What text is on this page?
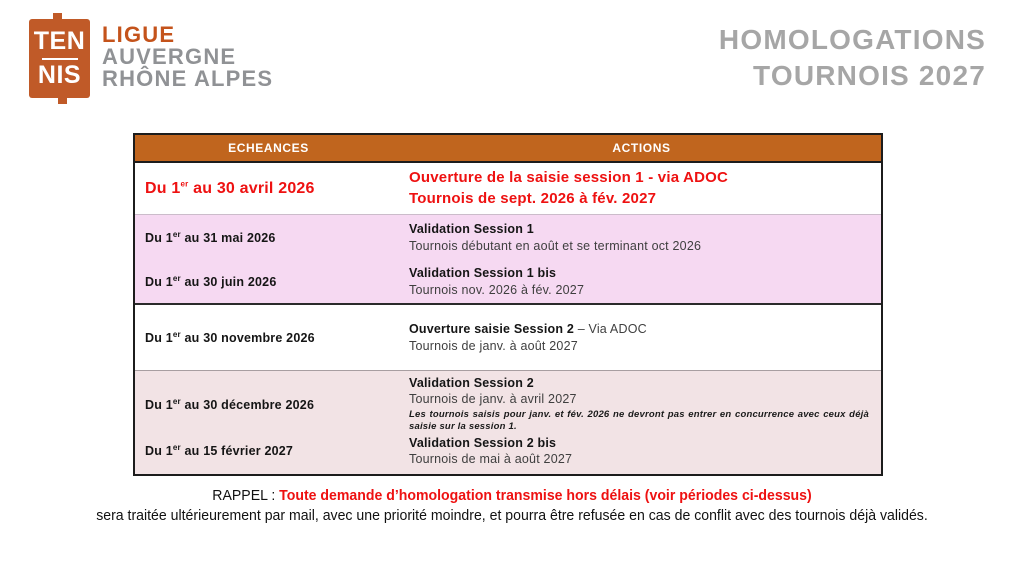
TEN
NIS
LIGUE
AUVERGNE
RHÔNE ALPES
HOMOLOGATIONS
TOURNOIS 2027
ECHEANCES	ACTIONS
Du 1er au 30 avril 2026
Ouverture de la saisie session 1 - via ADOC
Tournois de sept. 2026 à fév. 2027
Du 1er au 31 mai 2026
Validation Session 1
Tournois débutant en août et se terminant oct 2026
Du 1er au 30 juin 2026
Validation Session 1 bis
Tournois nov. 2026 à fév. 2027
Du 1er au 30 novembre 2026
Ouverture saisie Session 2 – Via ADOC
Tournois de janv. à août 2027
Du 1er au 30 décembre 2026
Validation Session 2
Tournois de janv. à avril 2027
Les tournois saisis pour janv. et fév. 2026 ne devront pas entrer en concurrence avec ceux déjà saisie sur la session 1.
Du 1er au 15 février 2027
Validation Session 2 bis
Tournois de mai à août 2027
RAPPEL : Toute demande d’homologation transmise hors délais (voir périodes ci-dessus)
sera traitée ultérieurement par mail, avec une priorité moindre, et pourra être refusée en cas de conflit avec des tournois déjà validés.
